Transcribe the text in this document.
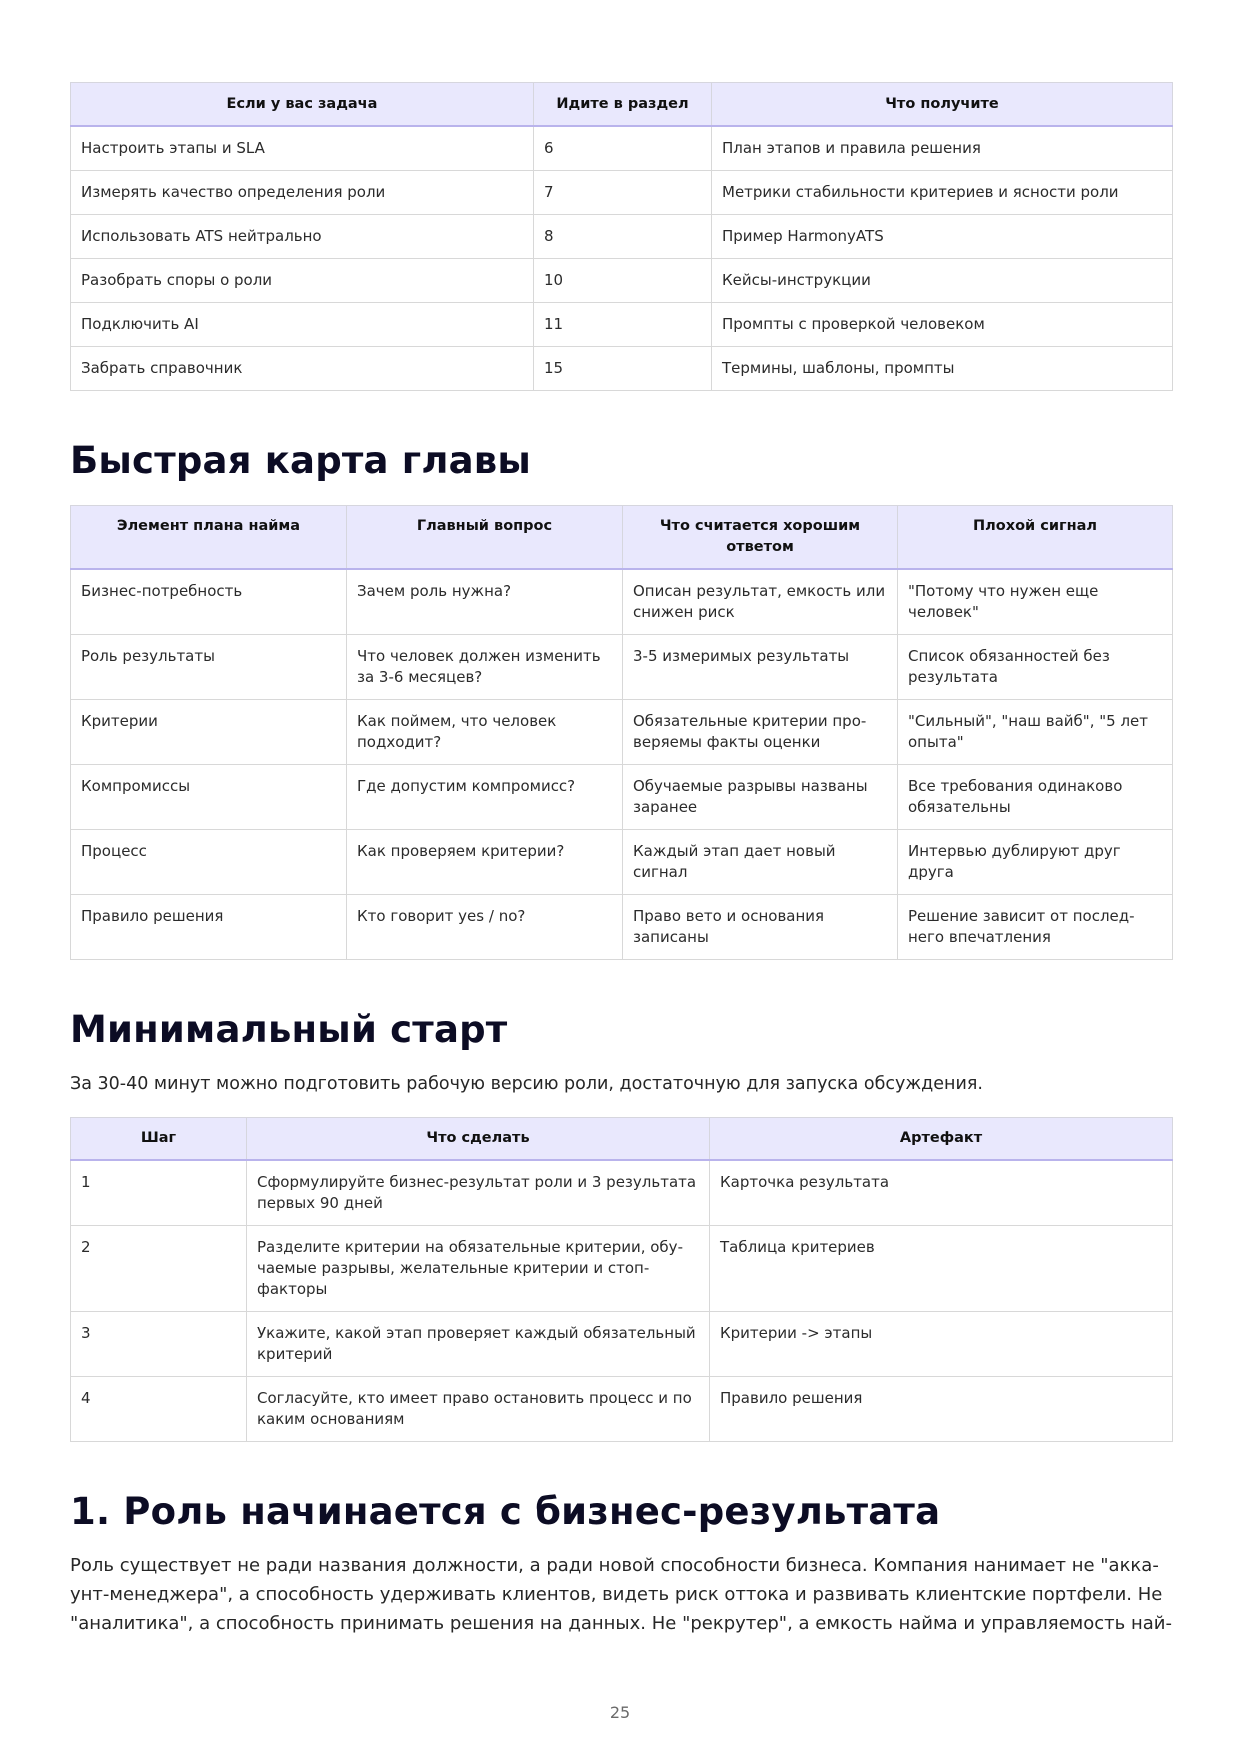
Если у вас задача	Идите в раздел	Что получите
Настроить этапы и SLA	6	План этапов и правила решения
Измерять качество определения роли	7	Метрики стабильности критериев и ясности роли
Использовать ATS нейтрально	8	Пример HarmonyATS
Разобрать споры о роли	10	Кейсы-инструкции
Подключить AI	11	Промпты с проверкой человеком
Забрать справочник	15	Термины, шаблоны, промпты
Быстрая карта главы
Элемент плана найма	Главный вопрос	Что считается хорошим ответом	Плохой сигнал
Бизнес-потребность	Зачем роль нужна?	Описан результат, емкость или снижен риск	"Потому что нужен еще человек"
Роль результаты	Что человек должен изменить за 3-6 месяцев?	3-5 измеримых результаты	Список обязанностей без результата
Критерии	Как поймем, что человек подходит?	Обязательные критерии проверяемы факты оценки	"Сильный", "наш вайб", "5 лет опыта"
Компромиссы	Где допустим компромисс?	Обучаемые разрывы названы заранее	Все требования одинаково обязательны
Процесс	Как проверяем критерии?	Каждый этап дает новый сигнал	Интервью дублируют друг друга
Правило решения	Кто говорит yes / no?	Право вето и основания записаны	Решение зависит от последнего впечатления
Минимальный старт

За 30-40 минут можно подготовить рабочую версию роли, достаточную для запуска обсуждения.

Шаг	Что сделать	Артефакт
1	Сформулируйте бизнес-результат роли и 3 результата первых 90 дней	Карточка результата
2	Разделите критерии на обязательные критерии, обучаемые разрывы, желательные критерии и стоп-факторы	Таблица критериев
3	Укажите, какой этап проверяет каждый обязательный критерий	Критерии -> этапы
4	Согласуйте, кто имеет право остановить процесс и по каким основаниям	Правило решения
1. Роль начинается с бизнес-результата

Роль существует не ради названия должности, а ради новой способности бизнеса. Компания нанимает не "аккаунт-менеджера", а способность удерживать клиентов, видеть риск оттока и развивать клиентские портфели. Не "аналитика", а способность принимать решения на данных. Не "рекрутер", а емкость найма и управляемость най-

25
